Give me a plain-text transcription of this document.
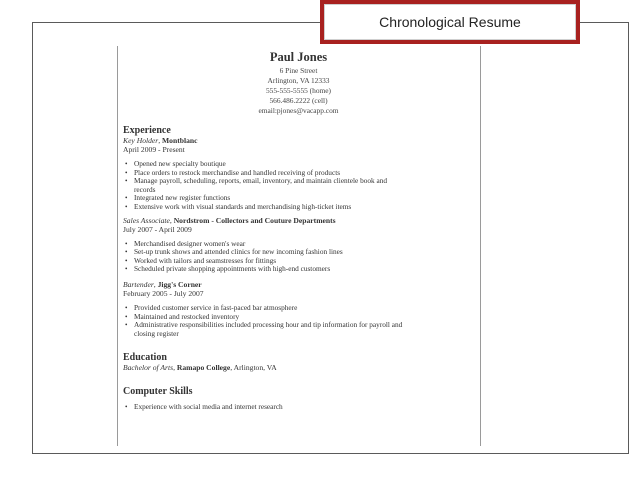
Chronological Resume
Paul Jones
6 Pine Street
Arlington, VA 12333
555-555-5555 (home)
566.486.2222 (cell)
email:pjones@vacapp.com
Experience
Key Holder, Montblanc
April 2009 - Present
• Opened new specialty boutique
• Place orders to restock merchandise and handled receiving of products
• Manage payroll, scheduling, reports, email, inventory, and maintain clientele book and
records
• Integrated new register functions
• Extensive work with visual standards and merchandising high-ticket items
Sales Associate, Nordstrom - Collectors and Couture Departments
July 2007 - April 2009
• Merchandised designer women's wear
• Set-up trunk shows and attended clinics for new incoming fashion lines
• Worked with tailors and seamstresses for fittings
• Scheduled private shopping appointments with high-end customers
Bartender, Jigg's Corner
February 2005 - July 2007
• Provided customer service in fast-paced bar atmosphere
• Maintained and restocked inventory
• Administrative responsibilities included processing hour and tip information for payroll and
closing register
Education
Bachelor of Arts, Ramapo College, Arlington, VA
Computer Skills
• Experience with social media and internet research
